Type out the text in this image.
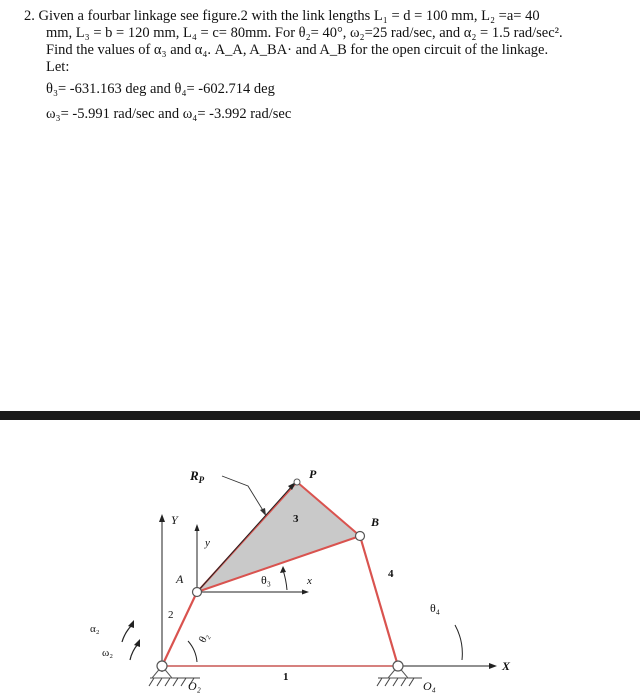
2. Given a fourbar linkage see figure.2 with the link lengths L₁ = d = 100 mm, L₂ =a= 40
mm, L₃ = b = 120 mm, L₄ = c= 80mm. For θ₂= 40°, ω₂=25 rad/sec, and α₂ = 1.5 rad/sec².
Find the values of α₃ and α₄. A_A, A_BA· and A_B for the open circuit of the linkage.
Let:
θ₃= -631.163 deg and θ₄= -602.714 deg
ω₃= -5.991 rad/sec and ω₄= -3.992 rad/sec
$R_P$	P
B
A
Y
y
x
X
2
3
4
1
θ₃
θ₄
θ₂
α₂
ω₂
O₂	O₄
